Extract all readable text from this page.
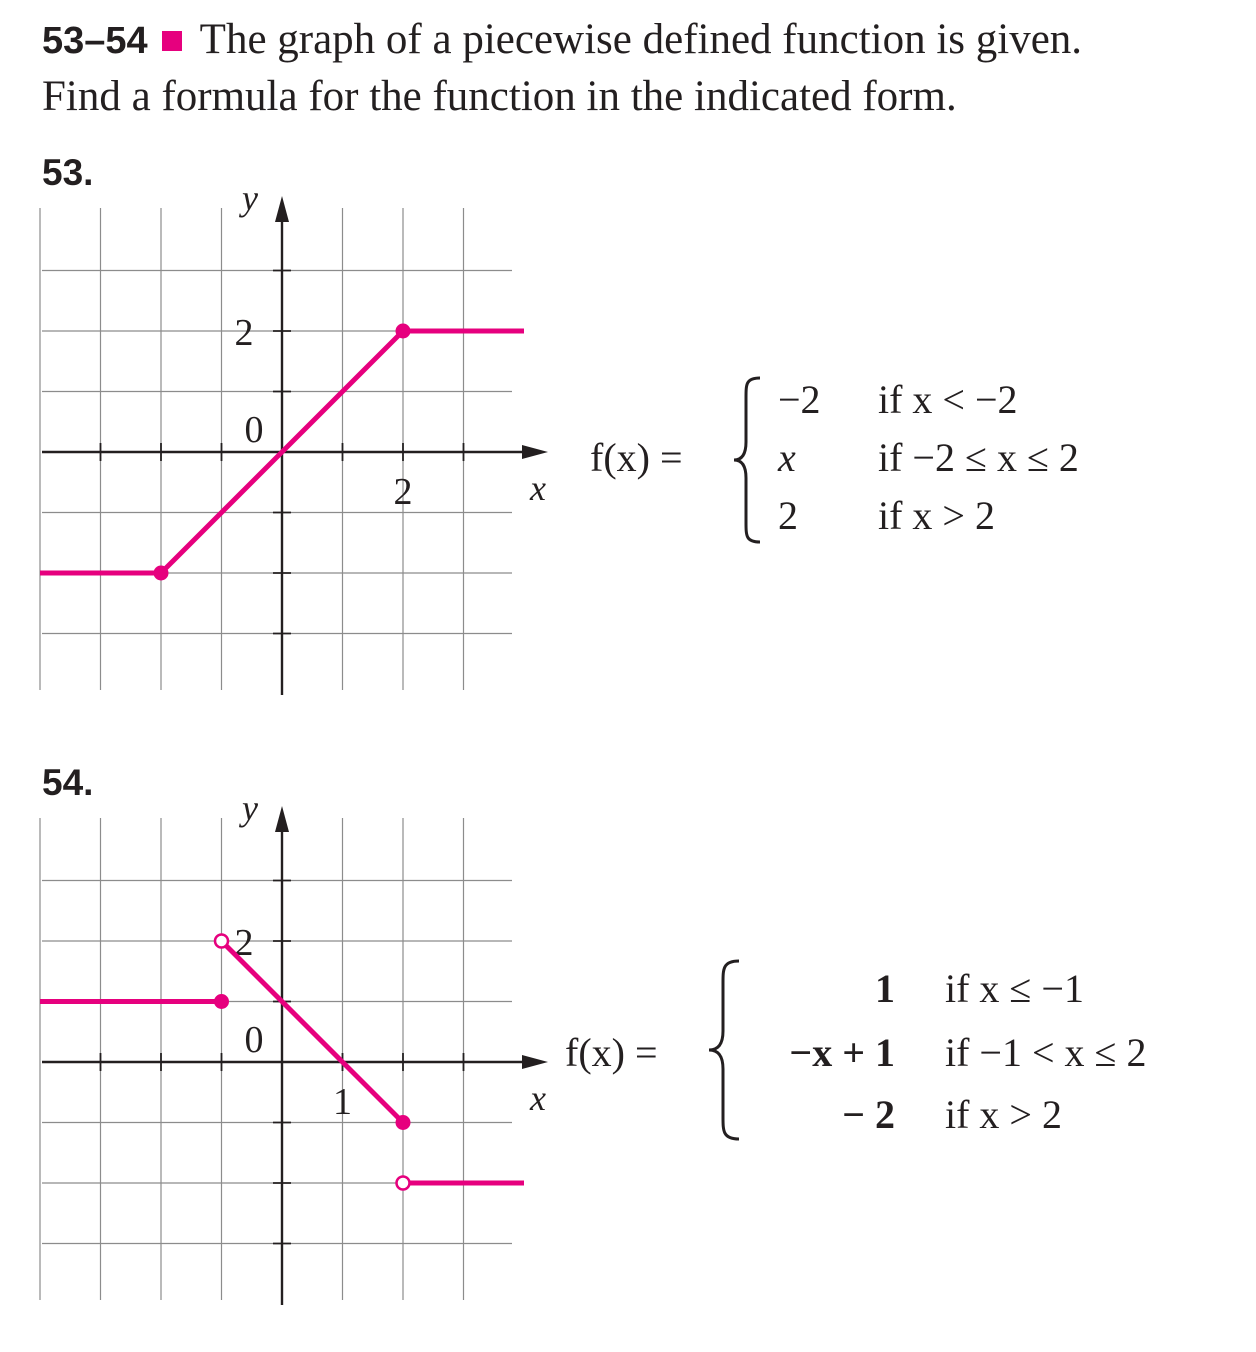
53–54 The graph of a piecewise defined function is given.
Find a formula for the function in the indicated form.
53.
x
y
2
0
2
f(x) =
−2 if x < −2
x if −2 ≤ x ≤ 2
2 if x > 2
54.
x
y
2
0
1
f(x) =
1 if x ≤ −1
−x + 1 if −1 < x ≤ 2
− 2 if x > 2
